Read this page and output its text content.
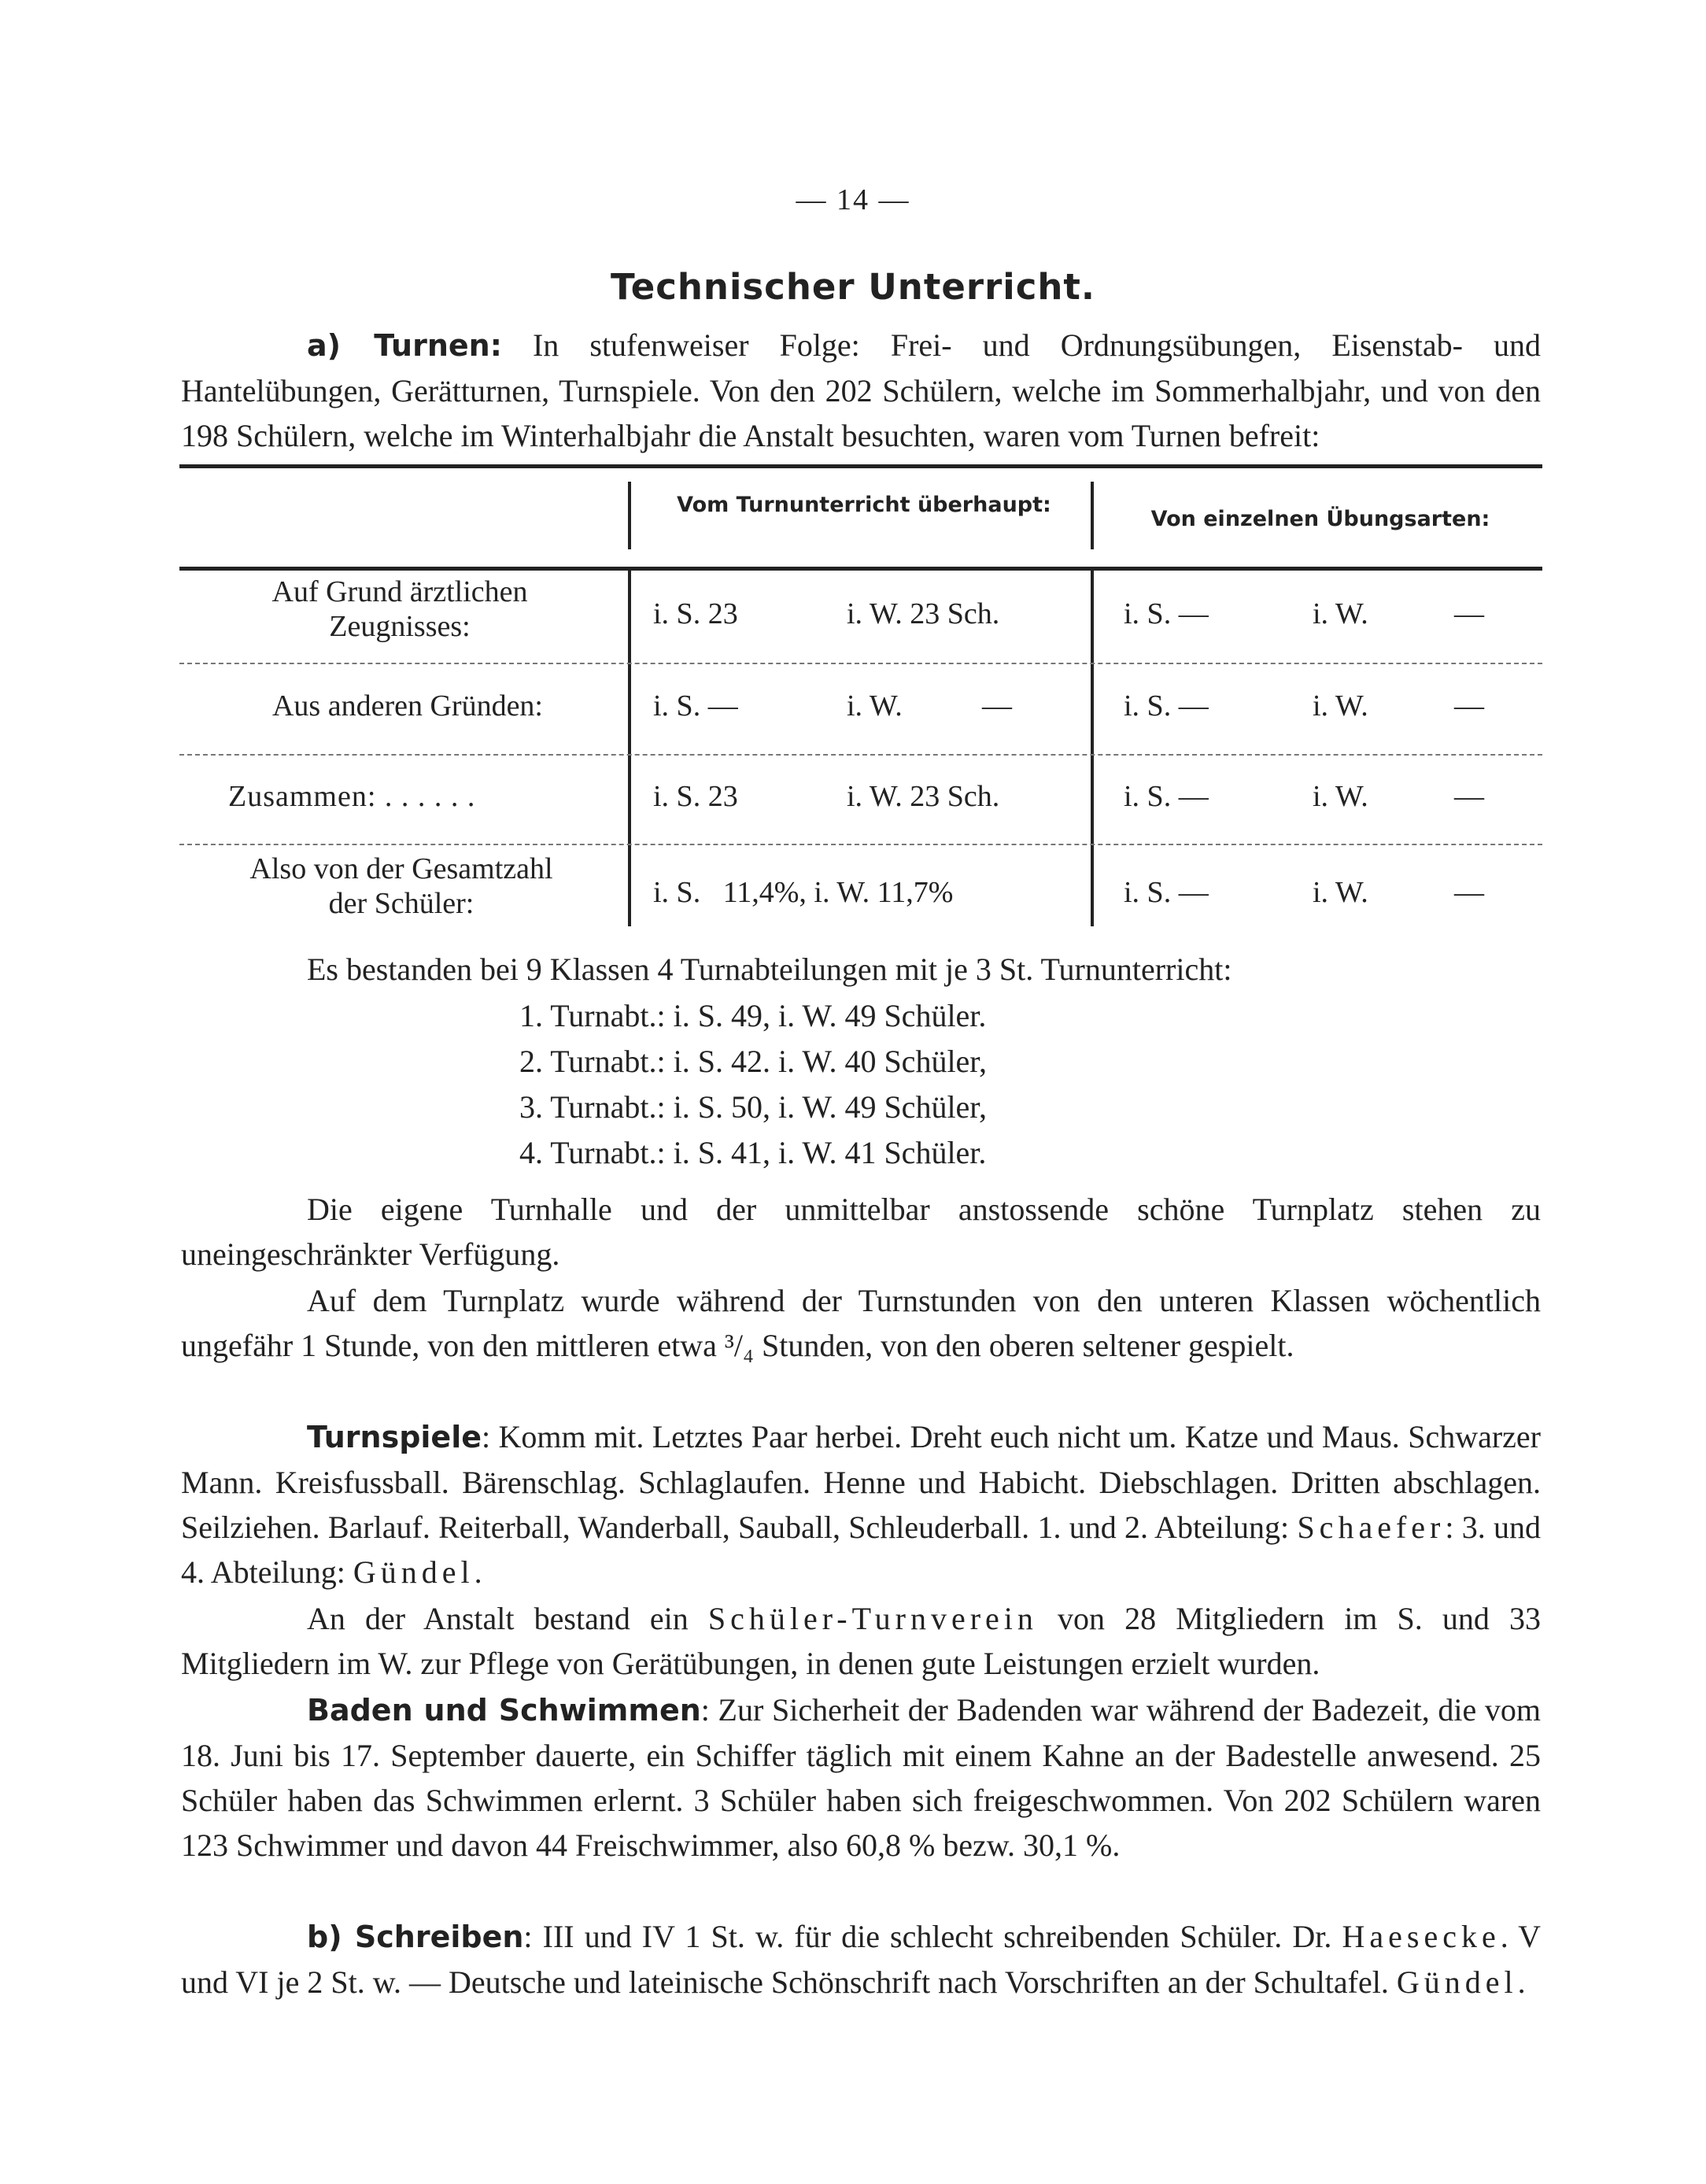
— 14 —
Technischer Unterricht.
a) Turnen: In stufenweiser Folge: Frei- und Ordnungsübungen, Eisenstab- und Hantelübungen, Gerätturnen, Turnspiele. Von den 202 Schülern, welche im Sommerhalbjahr, und von den 198 Schülern, welche im Winterhalbjahr die Anstalt besuchten, waren vom Turnen befreit:
Vom Turnunterricht überhaupt:
Von einzelnen Übungsarten:
Auf Grund ärztlichen Zeugnisses:	i. S. 23	i. W. 23 Sch.	i. S. —	i. W.	—
Aus anderen Gründen:	i. S. —	i. W.	—	i. S. —	i. W.	—
Zusammen: . . . . . .	i. S. 23	i. W. 23 Sch.	i. S. —	i. W.	—
Also von der Gesamtzahl der Schüler:	i. S.   11,4%, i. W. 11,7%	i. S. —	i. W.	—
Es bestanden bei 9 Klassen 4 Turnabteilungen mit je 3 St. Turnunterricht:
1. Turnabt.: i. S. 49, i. W. 49 Schüler.
2. Turnabt.: i. S. 42. i. W. 40 Schüler,
3. Turnabt.: i. S. 50, i. W. 49 Schüler,
4. Turnabt.: i. S. 41, i. W. 41 Schüler.
Die eigene Turnhalle und der unmittelbar anstossende schöne Turnplatz stehen zu uneingeschränkter Verfügung.
Auf dem Turnplatz wurde während der Turnstunden von den unteren Klassen wöchentlich ungefähr 1 Stunde, von den mittleren etwa ³/₄ Stunden, von den oberen seltener gespielt.
Turnspiele: Komm mit. Letztes Paar herbei. Dreht euch nicht um. Katze und Maus. Schwarzer Mann. Kreisfussball. Bärenschlag. Schlaglaufen. Henne und Habicht. Diebschlagen. Dritten abschlagen. Seilziehen. Barlauf. Reiterball, Wanderball, Sauball, Schleuderball. 1. und 2. Abteilung: Schaefer: 3. und 4. Abteilung: Gündel.
An der Anstalt bestand ein Schüler-Turnverein von 28 Mitgliedern im S. und 33 Mitgliedern im W. zur Pflege von Gerätübungen, in denen gute Leistungen erzielt wurden.
Baden und Schwimmen: Zur Sicherheit der Badenden war während der Badezeit, die vom 18. Juni bis 17. September dauerte, ein Schiffer täglich mit einem Kahne an der Badestelle anwesend. 25 Schüler haben das Schwimmen erlernt. 3 Schüler haben sich freigeschwommen. Von 202 Schülern waren 123 Schwimmer und davon 44 Freischwimmer, also 60,8 % bezw. 30,1 %.
b) Schreiben: III und IV 1 St. w. für die schlecht schreibenden Schüler. Dr. Haesecke. V und VI je 2 St. w. — Deutsche und lateinische Schönschrift nach Vorschriften an der Schultafel. Gündel.
